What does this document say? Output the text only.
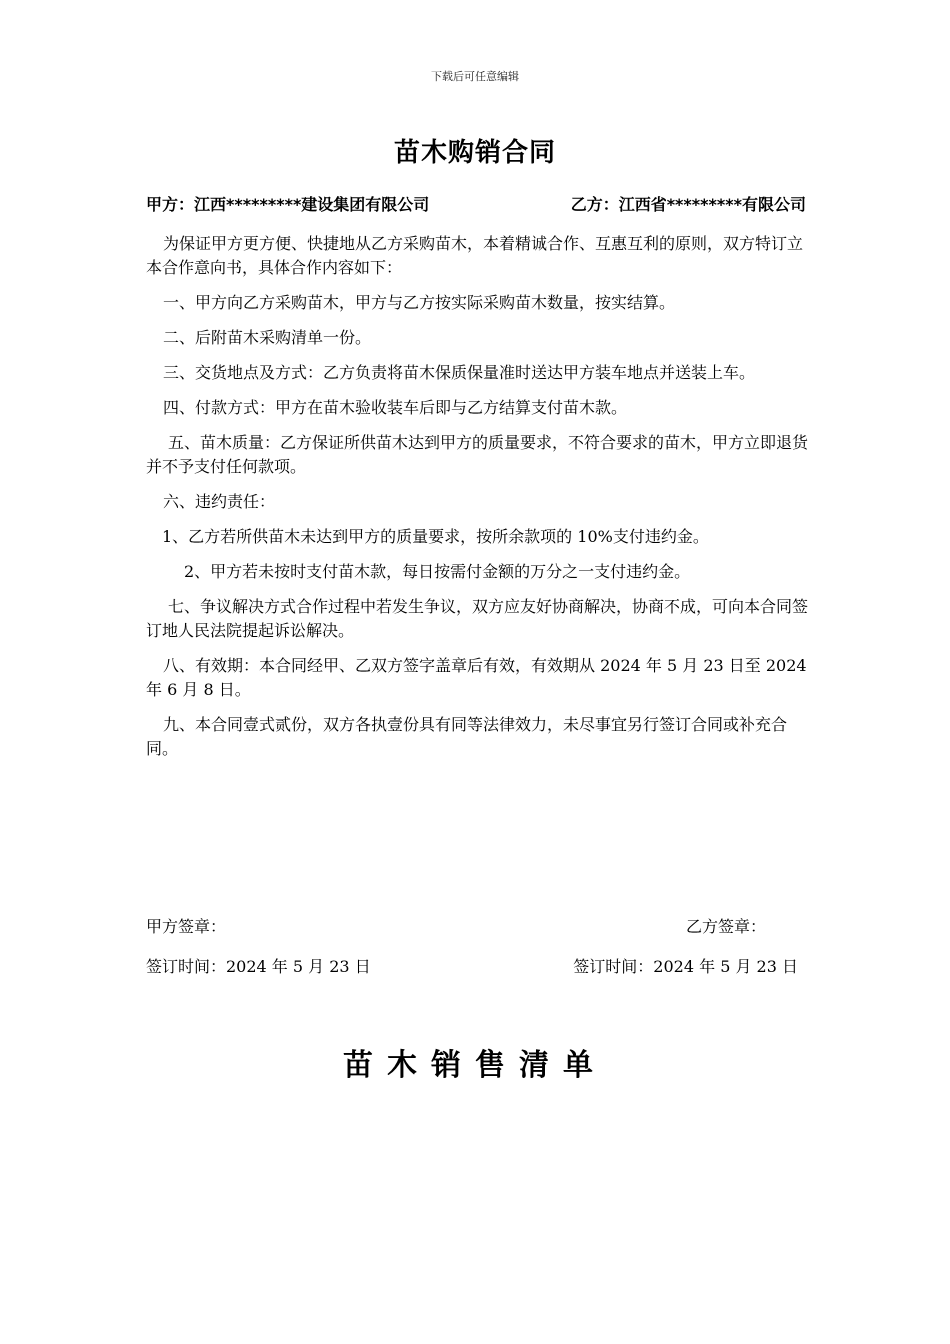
下载后可任意编辑
苗木购销合同
甲方：江西*********建设集团有限公司	乙方：江西省*********有限公司

为保证甲方更方便、快捷地从乙方采购苗木，本着精诚合作、互惠互利的原则，双方特订立本合作意向书，具体合作内容如下：

一、甲方向乙方采购苗木，甲方与乙方按实际采购苗木数量，按实结算。

二、后附苗木采购清单一份。

三、交货地点及方式：乙方负责将苗木保质保量准时送达甲方装车地点并送装上车。

四、付款方式：甲方在苗木验收装车后即与乙方结算支付苗木款。

五、苗木质量：乙方保证所供苗木达到甲方的质量要求，不符合要求的苗木，甲方立即退货并不予支付任何款项。

六、违约责任：

1、乙方若所供苗木未达到甲方的质量要求，按所余款项的 10%支付违约金。

2、甲方若未按时支付苗木款，每日按需付金额的万分之一支付违约金。

七、争议解决方式合作过程中若发生争议，双方应友好协商解决，协商不成，可向本合同签订地人民法院提起诉讼解决。

八、有效期：本合同经甲、乙双方签字盖章后有效，有效期从 2024 年 5 月 23 日至 2024 年 6 月 8 日。

九、本合同壹式贰份，双方各执壹份具有同等法律效力，未尽事宜另行签订合同或补充合同。

甲方签章：	乙方签章：
签订时间：2024 年 5 月 23 日	签订时间：2024 年 5 月 23 日
苗木销售清单
